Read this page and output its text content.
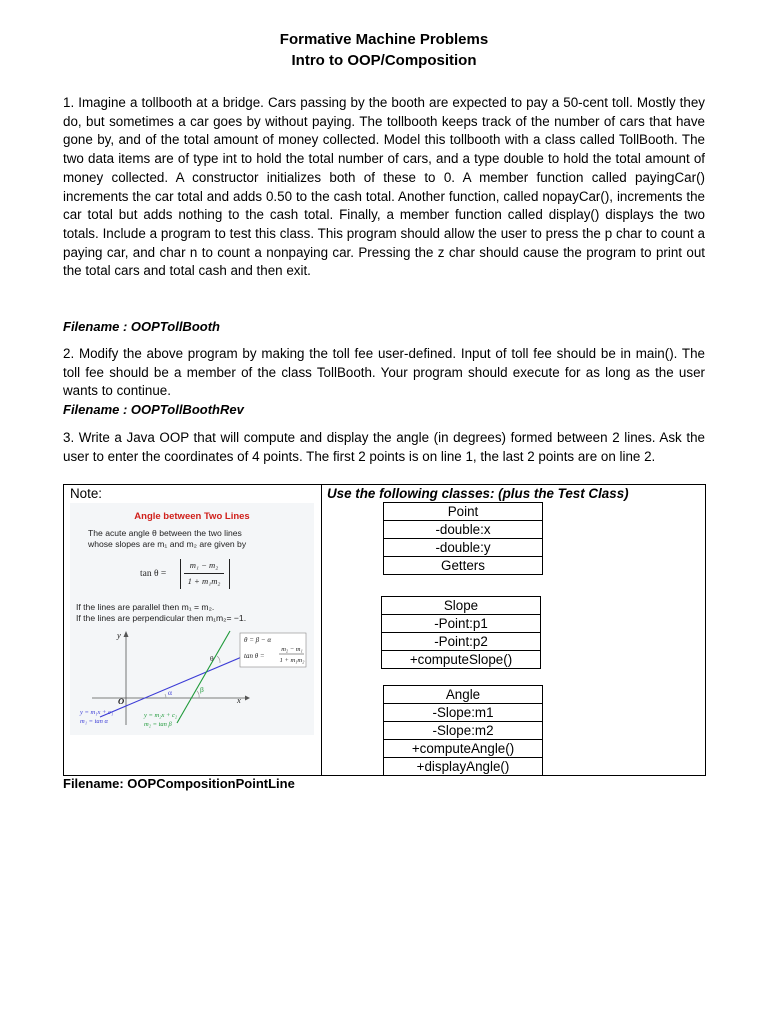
Formative Machine Problems
Intro to OOP/Composition

1. Imagine a tollbooth at a bridge. Cars passing by the booth are expected to pay a 50-cent toll. Mostly they do, but sometimes a car goes by without paying. The tollbooth keeps track of the number of cars that have gone by, and of the total amount of money collected. Model this tollbooth with a class called TollBooth. The two data items are of type int to hold the total number of cars, and a type double to hold the total amount of money collected. A constructor initializes both of these to 0. A member function called payingCar() increments the car total and adds 0.50 to the cash total. Another function, called nopayCar(), increments the car total but adds nothing to the cash total. Finally, a member function called display() displays the two totals. Include a program to test this class. This program should allow the user to press the p char to count a paying car, and char n to count a nonpaying car. Pressing the z char should cause the program to print out the total cars and total cash and then exit.

Filename : OOPTollBooth

2. Modify the above program by making the toll fee user-defined. Input of toll fee should be in main(). The toll fee should be a member of the class TollBooth. Your program should execute for as long as the user wants to continue.

Filename : OOPTollBoothRev

3. Write a Java OOP that will compute and display the angle (in degrees) formed between 2 lines. Ask the user to enter the coordinates of 4 points. The first 2 points is on line 1, the last 2 points are on line 2.

Note:	Use the following classes: (plus the Test Class)
Point
-double:x
-double:y
Getters
Slope
-Point:p1
-Point:p2
+computeSlope()
Angle
-Slope:m1
-Slope:m2
+computeAngle()
+displayAngle()
Angle between Two Lines
The acute angle θ between the two lines
whose slopes are m₁ and m₂ are given by
tan θ =
m₁ − m₂
1 + m₁m₂
If the lines are parallel then m₁ = m₂.
If the lines are perpendicular then m₁m₂= −1.
θ = β − α
tan θ =
m₂ − m₁
1 + m₁m₂
y
x
O
α	β
θ
y = m₁x + c₁
m₁ = tan α
y = m₂x + c₂
m₂ = tan β
Filename: OOPCompositionPointLine
